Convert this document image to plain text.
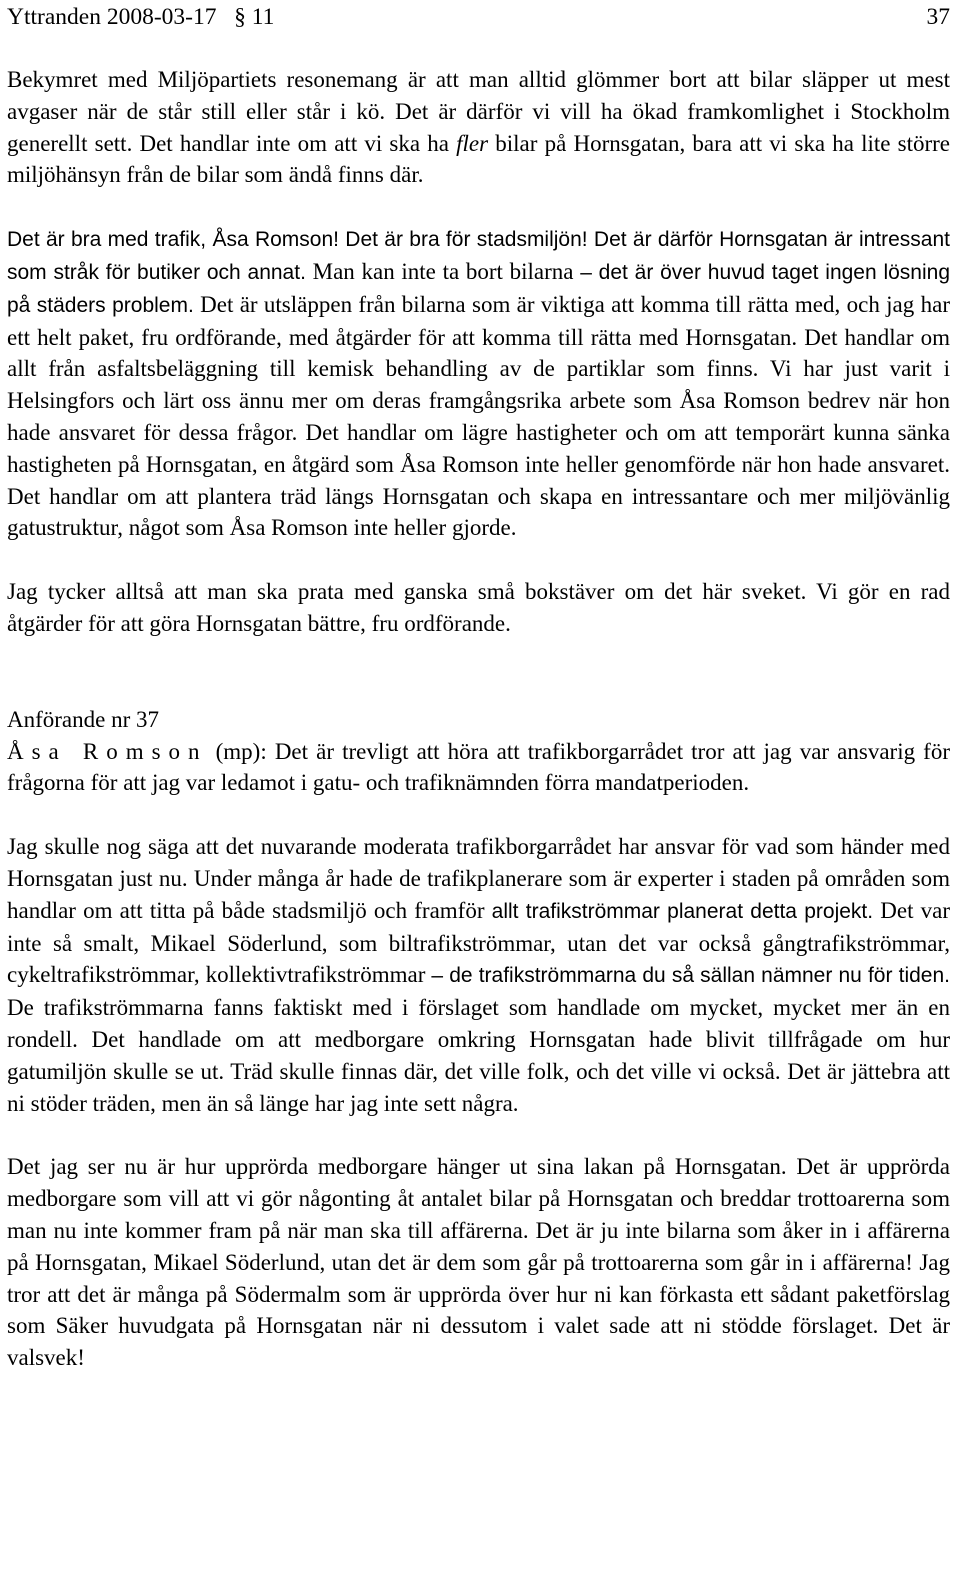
Yttranden 2008-03-17   § 11	37

Bekymret med Miljöpartiets resonemang är att man alltid glömmer bort att bilar släpper ut mest avgaser när de står still eller står i kö. Det är därför vi vill ha ökad framkomlighet i Stockholm generellt sett. Det handlar inte om att vi ska ha fler bilar på Hornsgatan, bara att vi ska ha lite större miljöhänsyn från de bilar som ändå finns där.

Det är bra med trafik, Åsa Romson! Det är bra för stadsmiljön! Det är därför Hornsgatan är intressant som stråk för butiker och annat. Man kan inte ta bort bilarna – det är över huvud taget ingen lösning på städers problem. Det är utsläppen från bilarna som är viktiga att komma till rätta med, och jag har ett helt paket, fru ordförande, med åtgärder för att komma till rätta med Hornsgatan. Det handlar om allt från asfaltsbeläggning till kemisk behandling av de partiklar som finns. Vi har just varit i Helsingfors och lärt oss ännu mer om deras framgångsrika arbete som Åsa Romson bedrev när hon hade ansvaret för dessa frågor. Det handlar om lägre hastigheter och om att temporärt kunna sänka hastigheten på Hornsgatan, en åtgärd som Åsa Romson inte heller genomförde när hon hade ansvaret. Det handlar om att plantera träd längs Hornsgatan och skapa en intressantare och mer miljövänlig gatustruktur, något som Åsa Romson inte heller gjorde.

Jag tycker alltså att man ska prata med ganska små bokstäver om det här sveket. Vi gör en rad åtgärder för att göra Hornsgatan bättre, fru ordförande.

Anförande nr 37

Åsa Romson (mp): Det är trevligt att höra att trafikborgarrådet tror att jag var ansvarig för frågorna för att jag var ledamot i gatu- och trafiknämnden förra mandatperioden.

Jag skulle nog säga att det nuvarande moderata trafikborgarrådet har ansvar för vad som händer med Hornsgatan just nu. Under många år hade de trafikplanerare som är experter i staden på områden som handlar om att titta på både stadsmiljö och framför allt trafikströmmar planerat detta projekt. Det var inte så smalt, Mikael Söderlund, som biltrafikströmmar, utan det var också gångtrafikströmmar, cykeltrafikströmmar, kollektivtrafikströmmar – de trafikströmmarna du så sällan nämner nu för tiden. De trafikströmmarna fanns faktiskt med i förslaget som handlade om mycket, mycket mer än en rondell. Det handlade om att medborgare omkring Hornsgatan hade blivit tillfrågade om hur gatumiljön skulle se ut. Träd skulle finnas där, det ville folk, och det ville vi också. Det är jättebra att ni stöder träden, men än så länge har jag inte sett några.

Det jag ser nu är hur upprörda medborgare hänger ut sina lakan på Hornsgatan. Det är upprörda medborgare som vill att vi gör någonting åt antalet bilar på Hornsgatan och breddar trottoarerna som man nu inte kommer fram på när man ska till affärerna. Det är ju inte bilarna som åker in i affärerna på Hornsgatan, Mikael Söderlund, utan det är dem som går på trottoarerna som går in i affärerna! Jag tror att det är många på Södermalm som är upprörda över hur ni kan förkasta ett sådant paketförslag som Säker huvudgata på Hornsgatan när ni dessutom i valet sade att ni stödde förslaget. Det är valsvek!
